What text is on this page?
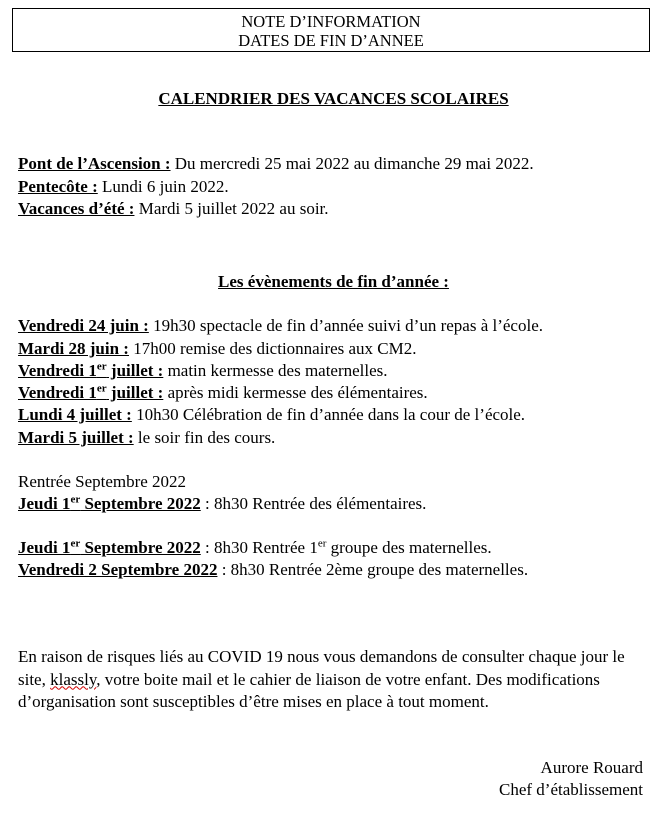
NOTE D’INFORMATION
DATES DE FIN D’ANNEE
CALENDRIER DES VACANCES SCOLAIRES
Pont de l’Ascension : Du mercredi 25 mai 2022 au dimanche 29 mai 2022.
Pentecôte : Lundi 6 juin 2022.
Vacances d’été : Mardi 5 juillet 2022 au soir.
Les évènements de fin d’année :
Vendredi 24 juin : 19h30 spectacle de fin d’année suivi d’un repas à l’école.
Mardi 28 juin : 17h00 remise des dictionnaires aux CM2.
Vendredi 1er juillet : matin kermesse des maternelles.
Vendredi 1er juillet : après midi kermesse des élémentaires.
Lundi 4 juillet : 10h30 Célébration de fin d’année dans la cour de l’école.
Mardi 5 juillet : le soir fin des cours.
Rentrée Septembre 2022
Jeudi 1er Septembre 2022 : 8h30 Rentrée des élémentaires.
Jeudi 1er Septembre 2022 : 8h30 Rentrée 1er groupe des maternelles.
Vendredi 2 Septembre 2022 : 8h30 Rentrée 2ème groupe des maternelles.
En raison de risques liés au COVID 19 nous vous demandons de consulter chaque jour le site, klassly, votre boite mail et le cahier de liaison de votre enfant. Des modifications d’organisation sont susceptibles d’être mises en place à tout moment.
Aurore Rouard
Chef d’établissement
